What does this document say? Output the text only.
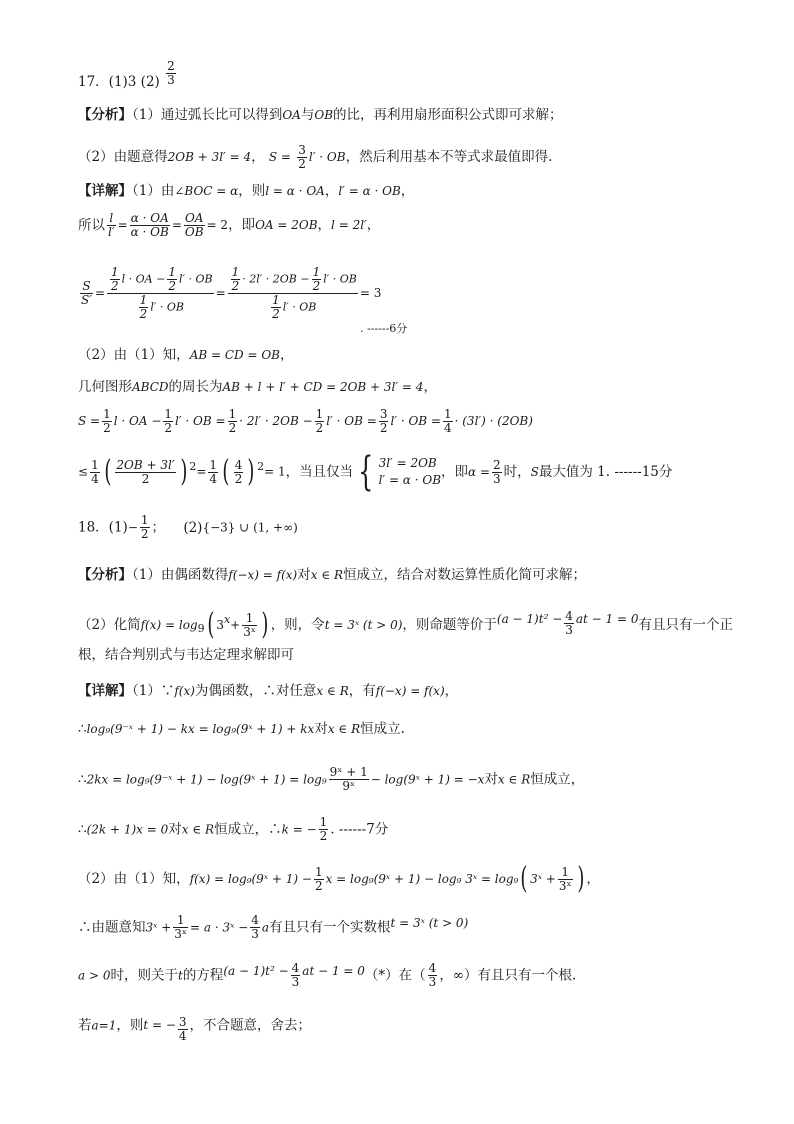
17．(1)3 $(2) \frac{2}{3}$
【分析】（1）通过弧长比可以得到OA与OB的比，再利用扇形面积公式即可求解；
（2）由题意得2OB + 3l′ = 4， $S = \frac{3}{2} l'$ · OB，然后利用基本不等式求最值即得.
【详解】（1）由∠BOC = α，则l = α · OA，l′ = α · OB，
所以 $\frac{l}{l'} = \frac{\alpha \cdot OA}{\alpha \cdot OB} = \frac{OA}{OB} = 2$，即OA = 2OB，l = 2l′，
$\frac{S}{S'} = \frac{\frac{1}{2} l \cdot OA - \frac{1}{2} l' \cdot OB}{\frac{1}{2} l' \cdot OB} = \frac{\frac{1}{2} \cdot 2l' \cdot 2OB - \frac{1}{2} l' \cdot OB}{\frac{1}{2} l' \cdot OB} = 3$
. ------6分
（2）由（1）知，AB = CD = OB，
几何图形ABCD的周长为AB + l + l′ + CD = 2OB + 3l′ = 4，
$S = \frac{1}{2}$ l · OA − $\frac{1}{2} l'$ · OB = $\frac{1}{2} \cdot 2l' \cdot 2OB - \frac{1}{2} l'$ · OB = $\frac{3}{2} l'$ · OB = $\frac{1}{4} \cdot (3l') \cdot (2OB)$
≤ $\frac{1}{4}$ ( $\frac{2OB + 3l'}{2}$ ) $^2= \frac{1}{4}$ ( $\frac{4}{2}$ ) $^2$= 1，当且仅当 { 3l′ = 2OB
l′ = α · OB ，即$\alpha = \frac{2}{3}$ 时，S最大值为 1. ------15分
18．$(1)- \frac{1}{2}$ ； (2){−3} ∪ (1, +∞)
【分析】（1）由偶函数得f(−x) = f(x)对x ∈ R恒成立，结合对数运算性质化简可求解；
（2）化简$f(x) = \log_9$( $3^x+ \frac{1}{\text{3ˣ}}$ ) ，则，令t = 3ˣ (t > 0)，则命题等价于$(a - 1)t^2 - \frac{4}{3}$ at − 1 = 0有且只有一个正
根，结合判别式与韦达定理求解即可
【详解】（1）∵f(x)为偶函数，∴对任意x ∈ R，有f(−x) = f(x)，
∴log₉(9⁻ˣ + 1) − kx = log₉(9ˣ + 1) + kx对x ∈ R恒成立.
∴2kx = log₉(9⁻ˣ + 1) − log(9ˣ + $1) = \log_9 \frac{\text{9ˣ + 1}}{\text{9ˣ}}$ − log(9ˣ + 1) = −x对x ∈ R恒成立，
∴(2k + 1)x = 0对x ∈ R恒成立，∴k = − $\frac{1}{2}$ . ------7分
（2）由（1）知，f(x) = log₉(9ˣ + $1) - \frac{1}{2}$ x = log₉(9ˣ + 1) − log₉ 3ˣ = log₉( 3ˣ + $\frac{1}{\text{3ˣ}}$ ) ，
∴由题意知3ˣ + $\frac{1}{\text{3ˣ}} = a$ · 3ˣ − $\frac{4}{3}$ a有且只有一个实数根t = 3ˣ (t > 0)
a > 0时，则关于t的方程$(a - 1)t^2 - \frac{4}{3}$ at − 1 = 0（*）在（ $\frac{4}{3}$ ，∞）有且只有一个根.
若a=1，则t = − $\frac{3}{4}$ ，不合题意，舍去；
